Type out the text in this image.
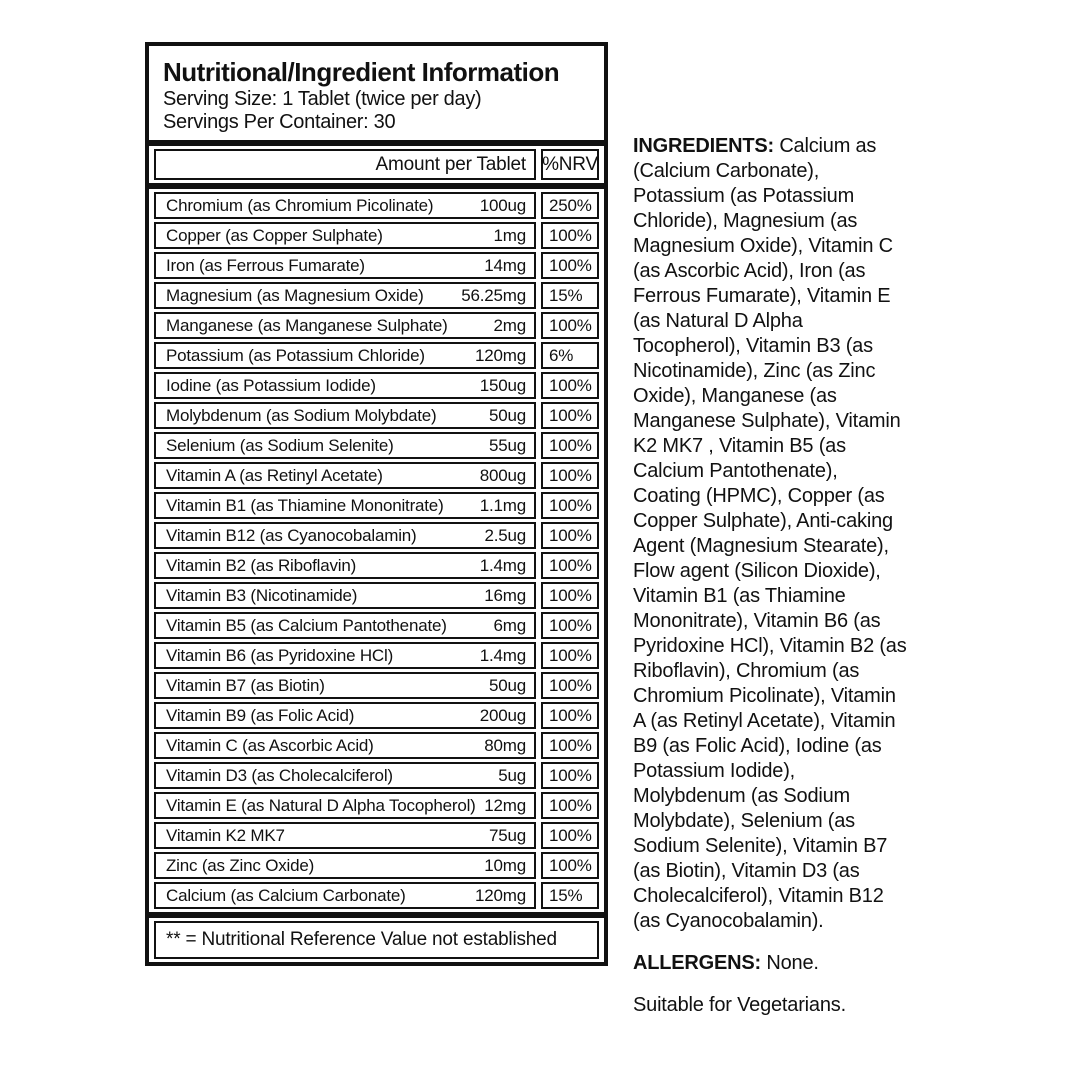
Nutritional/Ingredient Information
Serving Size: 1 Tablet (twice per day)
Servings Per Container: 30
Amount per Tablet %NRV
Chromium (as Chromium Picolinate)	100ug	250%
Copper (as Copper Sulphate)	1mg	100%
Iron (as Ferrous Fumarate)	14mg	100%
Magnesium (as Magnesium Oxide) 56.25mg	15%
Manganese (as Manganese Sulphate)	2mg	100%
Potassium (as Potassium Chloride)	120mg	6%
Iodine (as Potassium Iodide)	150ug	100%
Molybdenum (as Sodium Molybdate)	50ug	100%
Selenium (as Sodium Selenite)	55ug	100%
Vitamin A (as Retinyl Acetate)	800ug	100%
Vitamin B1 (as Thiamine Mononitrate) 1.1mg	100%
Vitamin B12 (as Cyanocobalamin)	2.5ug	100%
Vitamin B2 (as Riboflavin)	1.4mg	100%
Vitamin B3 (Nicotinamide)	16mg	100%
Vitamin B5 (as Calcium Pantothenate)	6mg	100%
Vitamin B6 (as Pyridoxine HCl)	1.4mg	100%
Vitamin B7 (as Biotin)	50ug	100%
Vitamin B9 (as Folic Acid)	200ug	100%
Vitamin C (as Ascorbic Acid)	80mg	100%
Vitamin D3 (as Cholecalciferol)	5ug	100%
Vitamin E (as Natural D Alpha Tocopherol) 12mg	100%
Vitamin K2 MK7	75ug	100%
Zinc (as Zinc Oxide)	10mg	100%
Calcium (as Calcium Carbonate)	120mg	15%
** = Nutritional Reference Value not established

INGREDIENTS: Calcium as (Calcium Carbonate), Potassium (as Potassium Chloride), Magnesium (as Magnesium Oxide), Vitamin C (as Ascorbic Acid), Iron (as Ferrous Fumarate), Vitamin E (as Natural D Alpha Tocopherol), Vitamin B3 (as Nicotinamide), Zinc (as Zinc Oxide), Manganese (as Manganese Sulphate), Vitamin K2 MK7 , Vitamin B5 (as Calcium Pantothenate), Coating (HPMC), Copper (as Copper Sulphate), Anti-caking Agent (Magnesium Stearate), Flow agent (Silicon Dioxide), Vitamin B1 (as Thiamine Mononitrate), Vitamin B6 (as Pyridoxine HCl), Vitamin B2 (as Riboflavin), Chromium (as Chromium Picolinate), Vitamin A (as Retinyl Acetate), Vitamin B9 (as Folic Acid), Iodine (as Potassium Iodide), Molybdenum (as Sodium Molybdate), Selenium (as Sodium Selenite), Vitamin B7 (as Biotin), Vitamin D3 (as Cholecalciferol), Vitamin B12 (as Cyanocobalamin).

ALLERGENS: None.

Suitable for Vegetarians.
